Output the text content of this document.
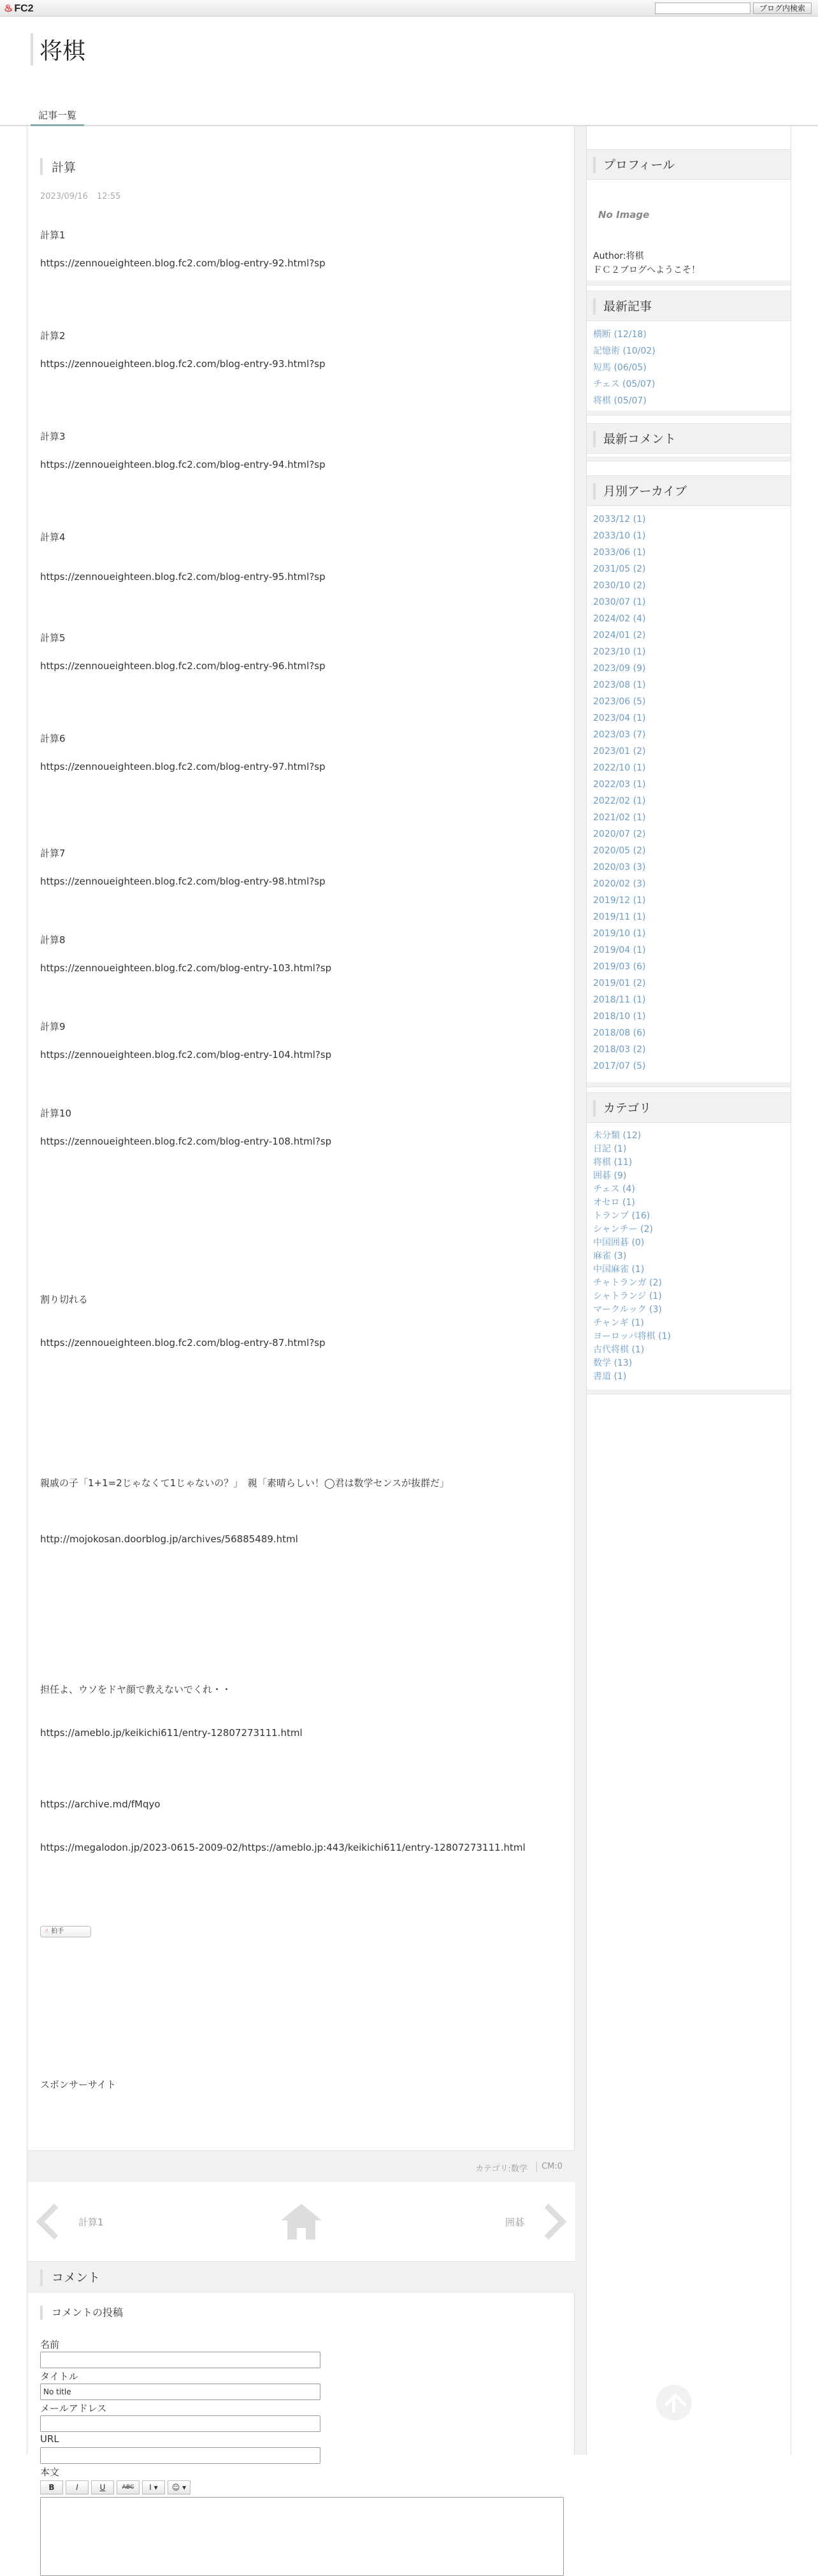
♨ FC2	ブログ内検索
将棋
記事一覧
計算
2023/09/16 12:55
計算1
https://zennoueighteen.blog.fc2.com/blog-entry-92.html?sp
計算2
https://zennoueighteen.blog.fc2.com/blog-entry-93.html?sp
計算3
https://zennoueighteen.blog.fc2.com/blog-entry-94.html?sp
計算4
https://zennoueighteen.blog.fc2.com/blog-entry-95.html?sp
計算5
https://zennoueighteen.blog.fc2.com/blog-entry-96.html?sp
計算6
https://zennoueighteen.blog.fc2.com/blog-entry-97.html?sp
計算7
https://zennoueighteen.blog.fc2.com/blog-entry-98.html?sp
計算8
https://zennoueighteen.blog.fc2.com/blog-entry-103.html?sp
計算9
https://zennoueighteen.blog.fc2.com/blog-entry-104.html?sp
計算10
https://zennoueighteen.blog.fc2.com/blog-entry-108.html?sp
割り切れる
https://zennoueighteen.blog.fc2.com/blog-entry-87.html?sp
親戚の子「1+1=2じゃなくて1じゃないの？」　親「素晴らしい！◯君は数学センスが抜群だ」
http://mojokosan.doorblog.jp/archives/56885489.html
担任よ、ウソをドヤ顔で教えないでくれ・・
https://ameblo.jp/keikichi611/entry-12807273111.html
https://archive.md/fMqyo
https://megalodon.jp/2023-0615-2009-02/https://ameblo.jp:443/keikichi611/entry-12807273111.html
☝ 拍手
スポンサーサイト
カテゴリ:数学 | CM:0
計算1	囲碁
コメント
コメントの投稿
名前
タイトル
No title
メールアドレス
URL
本文
B	I	U	ABC	I ▾	☺ ▾
プロフィール
No Image
Author:将棋
ＦＣ２ブログへようこそ！
最新記事
横断 (12/18)
記憶術 (10/02)
短馬 (06/05)
チェス (05/07)
将棋 (05/07)
最新コメント
月別アーカイブ
2033/12 (1)
2033/10 (1)
2033/06 (1)
2031/05 (2)
2030/10 (2)
2030/07 (1)
2024/02 (4)
2024/01 (2)
2023/10 (1)
2023/09 (9)
2023/08 (1)
2023/06 (5)
2023/04 (1)
2023/03 (7)
2023/01 (2)
2022/10 (1)
2022/03 (1)
2022/02 (1)
2021/02 (1)
2020/07 (2)
2020/05 (2)
2020/03 (3)
2020/02 (3)
2019/12 (1)
2019/11 (1)
2019/10 (1)
2019/04 (1)
2019/03 (6)
2019/01 (2)
2018/11 (1)
2018/10 (1)
2018/08 (6)
2018/03 (2)
2017/07 (5)
カテゴリ
未分類 (12)
日記 (1)
将棋 (11)
囲碁 (9)
チェス (4)
オセロ (1)
トランプ (16)
シャンチー (2)
中国囲碁 (0)
麻雀 (3)
中国麻雀 (1)
チャトランガ (2)
シャトランジ (1)
マークルック (3)
チャンギ (1)
ヨーロッパ将棋 (1)
古代将棋 (1)
数学 (13)
書道 (1)
